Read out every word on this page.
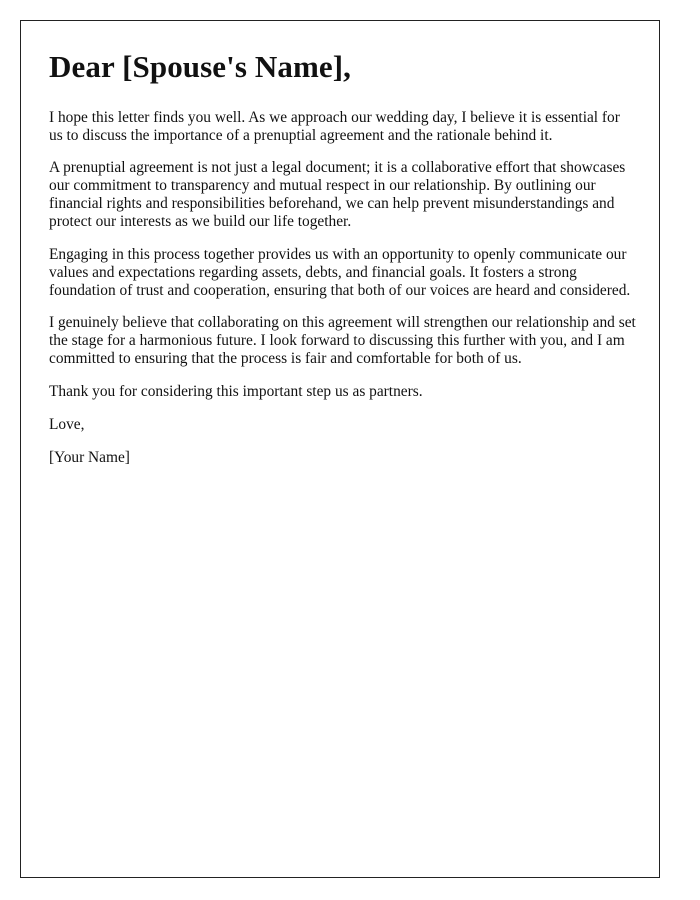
Dear [Spouse's Name],

I hope this letter finds you well. As we approach our wedding day, I believe it is essential for us to discuss the importance of a prenuptial agreement and the rationale behind it.

A prenuptial agreement is not just a legal document; it is a collaborative effort that showcases our commitment to transparency and mutual respect in our relationship. By outlining our financial rights and responsibilities beforehand, we can help prevent misunderstandings and protect our interests as we build our life together.

Engaging in this process together provides us with an opportunity to openly communicate our values and expectations regarding assets, debts, and financial goals. It fosters a strong foundation of trust and cooperation, ensuring that both of our voices are heard and considered.

I genuinely believe that collaborating on this agreement will strengthen our relationship and set the stage for a harmonious future. I look forward to discussing this further with you, and I am committed to ensuring that the process is fair and comfortable for both of us.

Thank you for considering this important step us as partners.

Love,

[Your Name]
